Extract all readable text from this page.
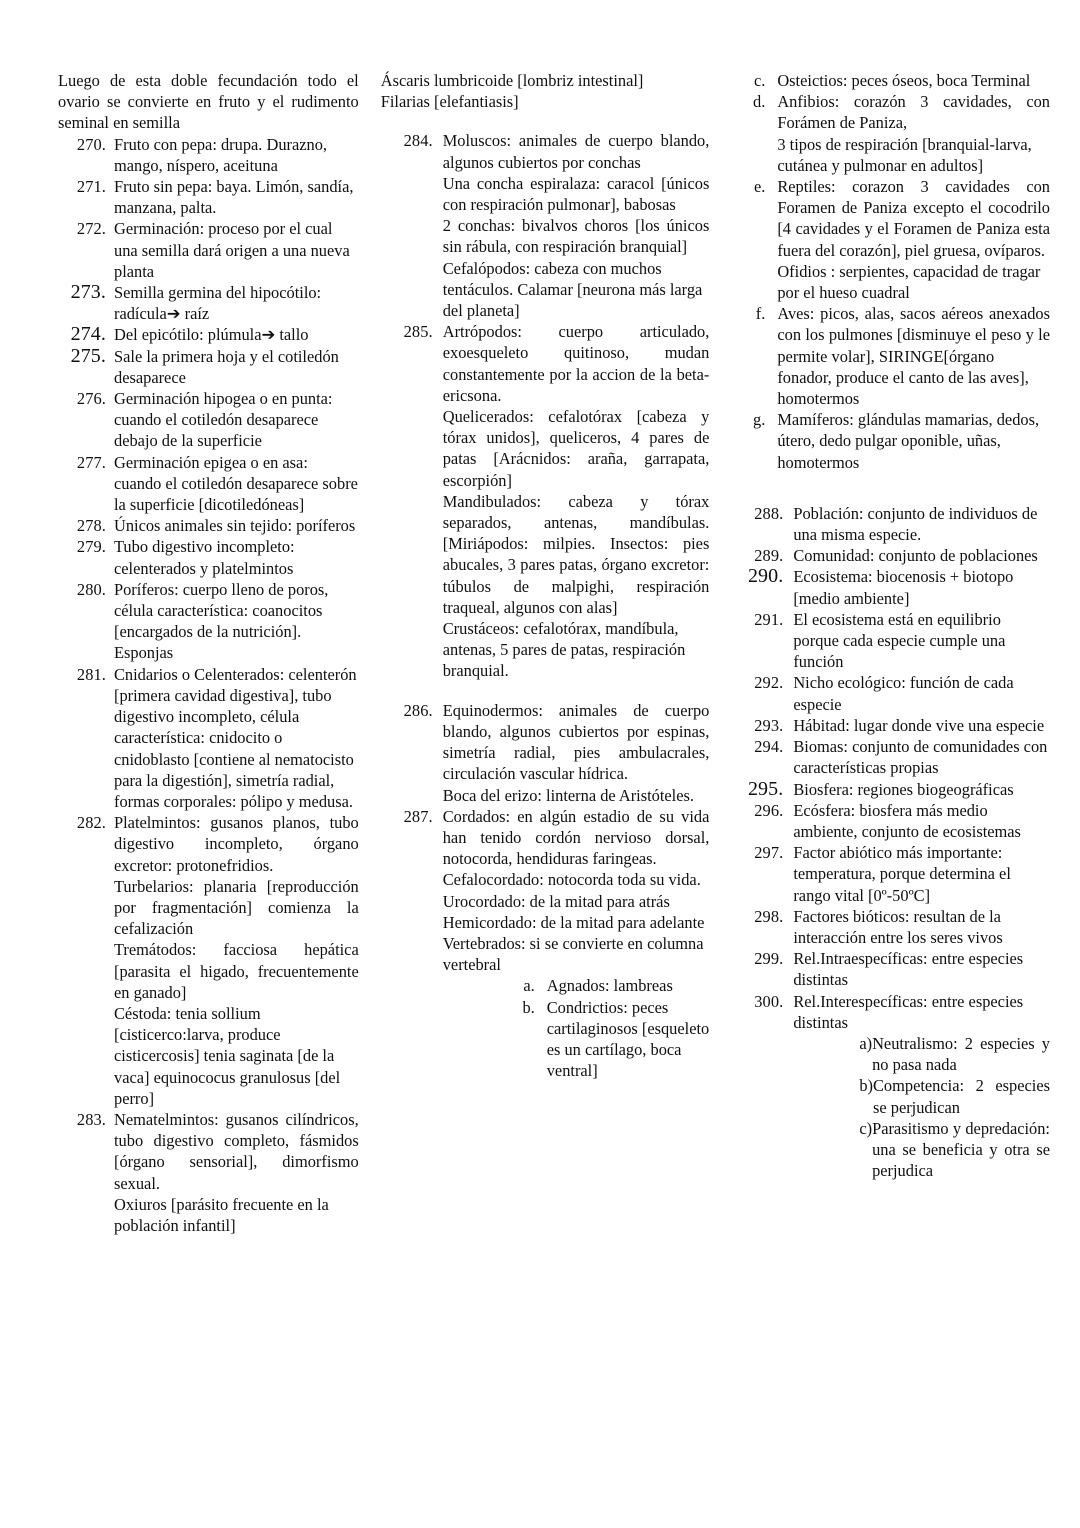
Luego de esta doble fecundación todo el ovario se convierte en fruto y el rudimento seminal en semilla
270. Fruto con pepa: drupa. Durazno, mango, níspero, aceituna
271. Fruto sin pepa: baya. Limón, sandía, manzana, palta.
272. Germinación: proceso por el cual una semilla dará origen a una nueva planta
273. Semilla germina del hipocótilo: radícula➔ raíz
274. Del epicótilo: plúmula➔ tallo
275. Sale la primera hoja y el cotiledón desaparece
276. Germinación hipogea o en punta: cuando el cotiledón desaparece debajo de la superficie
277. Germinación epigea o en asa: cuando el cotiledón desaparece sobre la superficie [dicotiledóneas]
278. Únicos animales sin tejido: poríferos
279. Tubo digestivo incompleto: celenterados y platelmintos
280. Poríferos: cuerpo lleno de poros, célula característica: coanocitos [encargados de la nutrición]. Esponjas
281. Cnidarios o Celenterados: celenterón [primera cavidad digestiva], tubo digestivo incompleto, célula característica: cnidocito o cnidoblasto [contiene al nematocisto para la digestión], simetría radial, formas corporales: pólipo y medusa.
282. Platelmintos: gusanos planos, tubo digestivo incompleto, órgano excretor: protonefridios.
Turbelarios: planaria [reproducción por fragmentación] comienza la cefalización
Tremátodos: facciosa hepática [parasita el higado, frecuentemente en ganado]
Céstoda: tenia sollium [cisticerco:larva, produce cisticercosis] tenia saginata [de la vaca] equinococus granulosus [del perro]
283. Nematelmintos: gusanos cilíndricos, tubo digestivo completo, fásmidos [órgano sensorial], dimorfismo sexual.
Oxiuros [parásito frecuente en la población infantil]
Áscaris lumbricoide [lombriz intestinal]
Filarias [elefantiasis]
284. Moluscos: animales de cuerpo blando, algunos cubiertos por conchas
Una concha espiralaza: caracol [únicos con respiración pulmonar], babosas
2 conchas: bivalvos choros [los únicos sin rábula, con respiración branquial]
Cefalópodos: cabeza con muchos tentáculos. Calamar [neurona más larga del planeta]
285. Artrópodos: cuerpo articulado, exoesqueleto quitinoso, mudan constantemente por la accion de la beta-ericsona.
Quelicerados: cefalotórax [cabeza y tórax unidos], queliceros, 4 pares de patas [Arácnidos: araña, garrapata, escorpión]
Mandibulados: cabeza y tórax separados, antenas, mandíbulas. [Miriápodos: milpies. Insectos: pies abucales, 3 pares patas, órgano excretor: túbulos de malpighi, respiración traqueal, algunos con alas]
Crustáceos: cefalotórax, mandíbula, antenas, 5 pares de patas, respiración branquial.
286. Equinodermos: animales de cuerpo blando, algunos cubiertos por espinas, simetría radial, pies ambulacrales, circulación vascular hídrica.
Boca del erizo: linterna de Aristóteles.
287. Cordados: en algún estadio de su vida han tenido cordón nervioso dorsal, notocorda, hendiduras faringeas.
Cefalocordado: notocorda toda su vida.
Urocordado: de la mitad para atrás
Hemicordado: de la mitad para adelante
Vertebrados: si se convierte en columna vertebral
a. Agnados: lambreas
b. Condrictios: peces cartilaginosos [esqueleto es un cartílago, boca ventral]
c. Osteictios: peces óseos, boca Terminal
d. Anfibios: corazón 3 cavidades, con Forámen de Paniza,
3 tipos de respiración [branquial-larva, cutánea y pulmonar en adultos]
e. Reptiles: corazon 3 cavidades con Foramen de Paniza excepto el cocodrilo [4 cavidades y el Foramen de Paniza esta fuera del corazón], piel gruesa, ovíparos.
Ofidios : serpientes, capacidad de tragar por el hueso cuadral
f. Aves: picos, alas, sacos aéreos anexados con los pulmones [disminuye el peso y le permite volar], SIRINGE[órgano
fonador, produce el canto de las aves], homotermos
g. Mamíferos: glándulas mamarias, dedos, útero, dedo pulgar oponible, uñas, homotermos
288. Población: conjunto de individuos de una misma especie.
289. Comunidad: conjunto de poblaciones
290. Ecosistema: biocenosis + biotopo [medio ambiente]
291. El ecosistema está en equilibrio porque cada especie cumple una función
292. Nicho ecológico: función de cada especie
293. Hábitad: lugar donde vive una especie
294. Biomas: conjunto de comunidades con características propias
295. Biosfera: regiones biogeográficas
296. Ecósfera: biosfera más medio ambiente, conjunto de ecosistemas
297. Factor abiótico más importante: temperatura, porque determina el rango vital [0º-50ºC]
298. Factores bióticos: resultan de la interacción entre los seres vivos
299. Rel.Intraespecíficas: entre especies distintas
300. Rel.Interespecíficas: entre especies distintas
a) Neutralismo: 2 especies y no pasa nada
b) Competencia: 2 especies se perjudican
c) Parasitismo y depredación: una se beneficia y otra se perjudica
